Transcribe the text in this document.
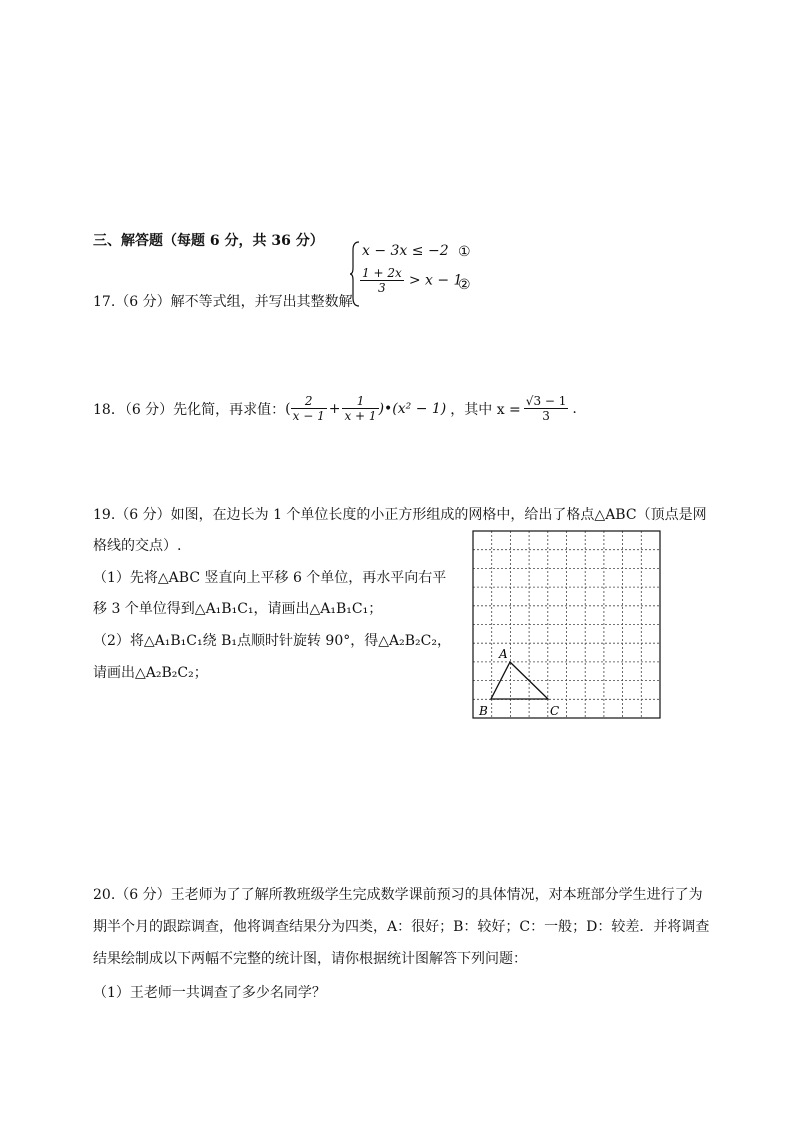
三、解答题（每题 6 分，共 36 分）
17.（6 分）解不等式组，并写出其整数解
x − 3x ≤ −2 ①
$\frac{1 + 2x}{3} > x - 1$
②
18．（6 分）先化简，再求值： ( $\frac{2}{x - 1} + \frac{1}{x + 1}$ )•(x² − 1) ，其中 $x = \frac{√3 - 1}{3}$ .
19.（6 分）如图，在边长为 1 个单位长度的小正方形组成的网格中，给出了格点△ABC（顶点是网
格线的交点）.
（1）先将△ABC 竖直向上平移 6 个单位，再水平向右平
移 3 个单位得到△A₁B₁C₁，请画出△A₁B₁C₁；
（2）将△A₁B₁C₁绕 B₁点顺时针旋转 90°，得△A₂B₂C₂，
请画出△A₂B₂C₂；
A
B	C
20.（6 分）王老师为了了解所教班级学生完成数学课前预习的具体情况，对本班部分学生进行了为
期半个月的跟踪调查，他将调查结果分为四类，A：很好；B：较好；C：一般；D：较差．并将调查
结果绘制成以下两幅不完整的统计图，请你根据统计图解答下列问题：
（1）王老师一共调查了多少名同学？
